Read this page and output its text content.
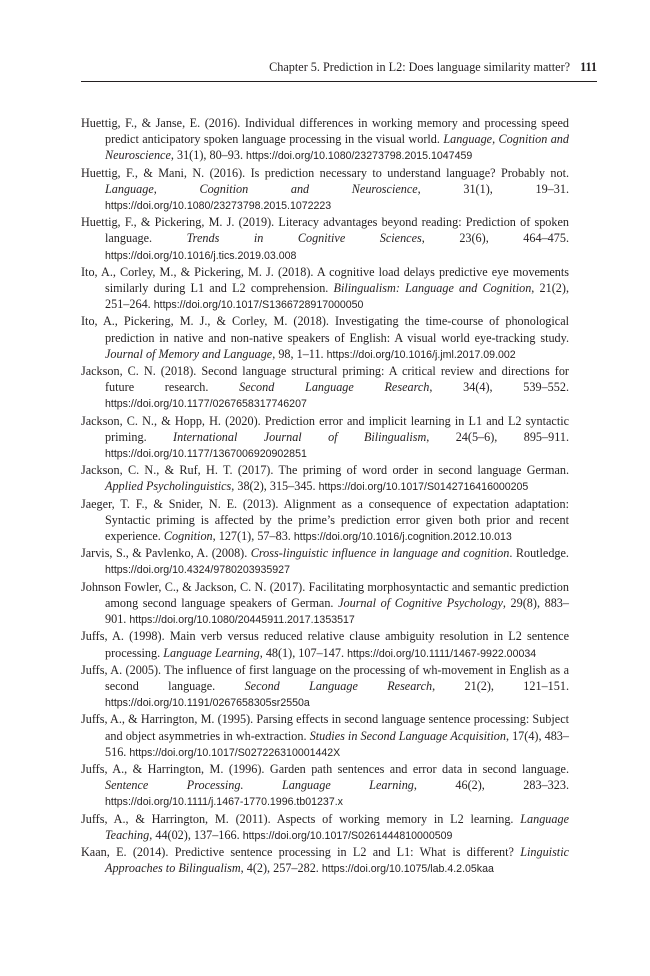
Chapter 5. Prediction in L2: Does language similarity matter? 111

Huettig, F., & Janse, E. (2016). Individual differences in working memory and processing speed predict anticipatory spoken language processing in the visual world. Language, Cognition and Neuroscience, 31(1), 80–93. https://doi.org/10.1080/23273798.2015.1047459

Huettig, F., & Mani, N. (2016). Is prediction necessary to understand language? Probably not. Language, Cognition and Neuroscience, 31(1), 19–31. https://doi.org/10.1080/23273798.2015.1072223

Huettig, F., & Pickering, M. J. (2019). Literacy advantages beyond reading: Prediction of spoken language. Trends in Cognitive Sciences, 23(6), 464–475. https://doi.org/10.1016/j.tics.2019.03.008

Ito, A., Corley, M., & Pickering, M. J. (2018). A cognitive load delays predictive eye movements similarly during L1 and L2 comprehension. Bilingualism: Language and Cognition, 21(2), 251–264. https://doi.org/10.1017/S1366728917000050

Ito, A., Pickering, M. J., & Corley, M. (2018). Investigating the time-course of phonological prediction in native and non-native speakers of English: A visual world eye-tracking study. Journal of Memory and Language, 98, 1–11. https://doi.org/10.1016/j.jml.2017.09.002

Jackson, C. N. (2018). Second language structural priming: A critical review and directions for future research. Second Language Research, 34(4), 539–552. https://doi.org/10.1177/0267658317746207

Jackson, C. N., & Hopp, H. (2020). Prediction error and implicit learning in L1 and L2 syntactic priming. International Journal of Bilingualism, 24(5–6), 895–911. https://doi.org/10.1177/1367006920902851

Jackson, C. N., & Ruf, H. T. (2017). The priming of word order in second language German. Applied Psycholinguistics, 38(2), 315–345. https://doi.org/10.1017/S0142716416000205

Jaeger, T. F., & Snider, N. E. (2013). Alignment as a consequence of expectation adaptation: Syntactic priming is affected by the prime’s prediction error given both prior and recent experience. Cognition, 127(1), 57–83. https://doi.org/10.1016/j.cognition.2012.10.013

Jarvis, S., & Pavlenko, A. (2008). Cross-linguistic influence in language and cognition. Routledge. https://doi.org/10.4324/9780203935927

Johnson Fowler, C., & Jackson, C. N. (2017). Facilitating morphosyntactic and semantic prediction among second language speakers of German. Journal of Cognitive Psychology, 29(8), 883–901. https://doi.org/10.1080/20445911.2017.1353517

Juffs, A. (1998). Main verb versus reduced relative clause ambiguity resolution in L2 sentence processing. Language Learning, 48(1), 107–147. https://doi.org/10.1111/1467-9922.00034

Juffs, A. (2005). The influence of first language on the processing of wh-movement in English as a second language. Second Language Research, 21(2), 121–151. https://doi.org/10.1191/0267658305sr2550a

Juffs, A., & Harrington, M. (1995). Parsing effects in second language sentence processing: Subject and object asymmetries in wh-extraction. Studies in Second Language Acquisition, 17(4), 483–516. https://doi.org/10.1017/S027226310001442X

Juffs, A., & Harrington, M. (1996). Garden path sentences and error data in second language. Sentence Processing. Language Learning, 46(2), 283–323. https://doi.org/10.1111/j.1467-1770.1996.tb01237.x

Juffs, A., & Harrington, M. (2011). Aspects of working memory in L2 learning. Language Teaching, 44(02), 137–166. https://doi.org/10.1017/S0261444810000509

Kaan, E. (2014). Predictive sentence processing in L2 and L1: What is different? Linguistic Approaches to Bilingualism, 4(2), 257–282. https://doi.org/10.1075/lab.4.2.05kaa
